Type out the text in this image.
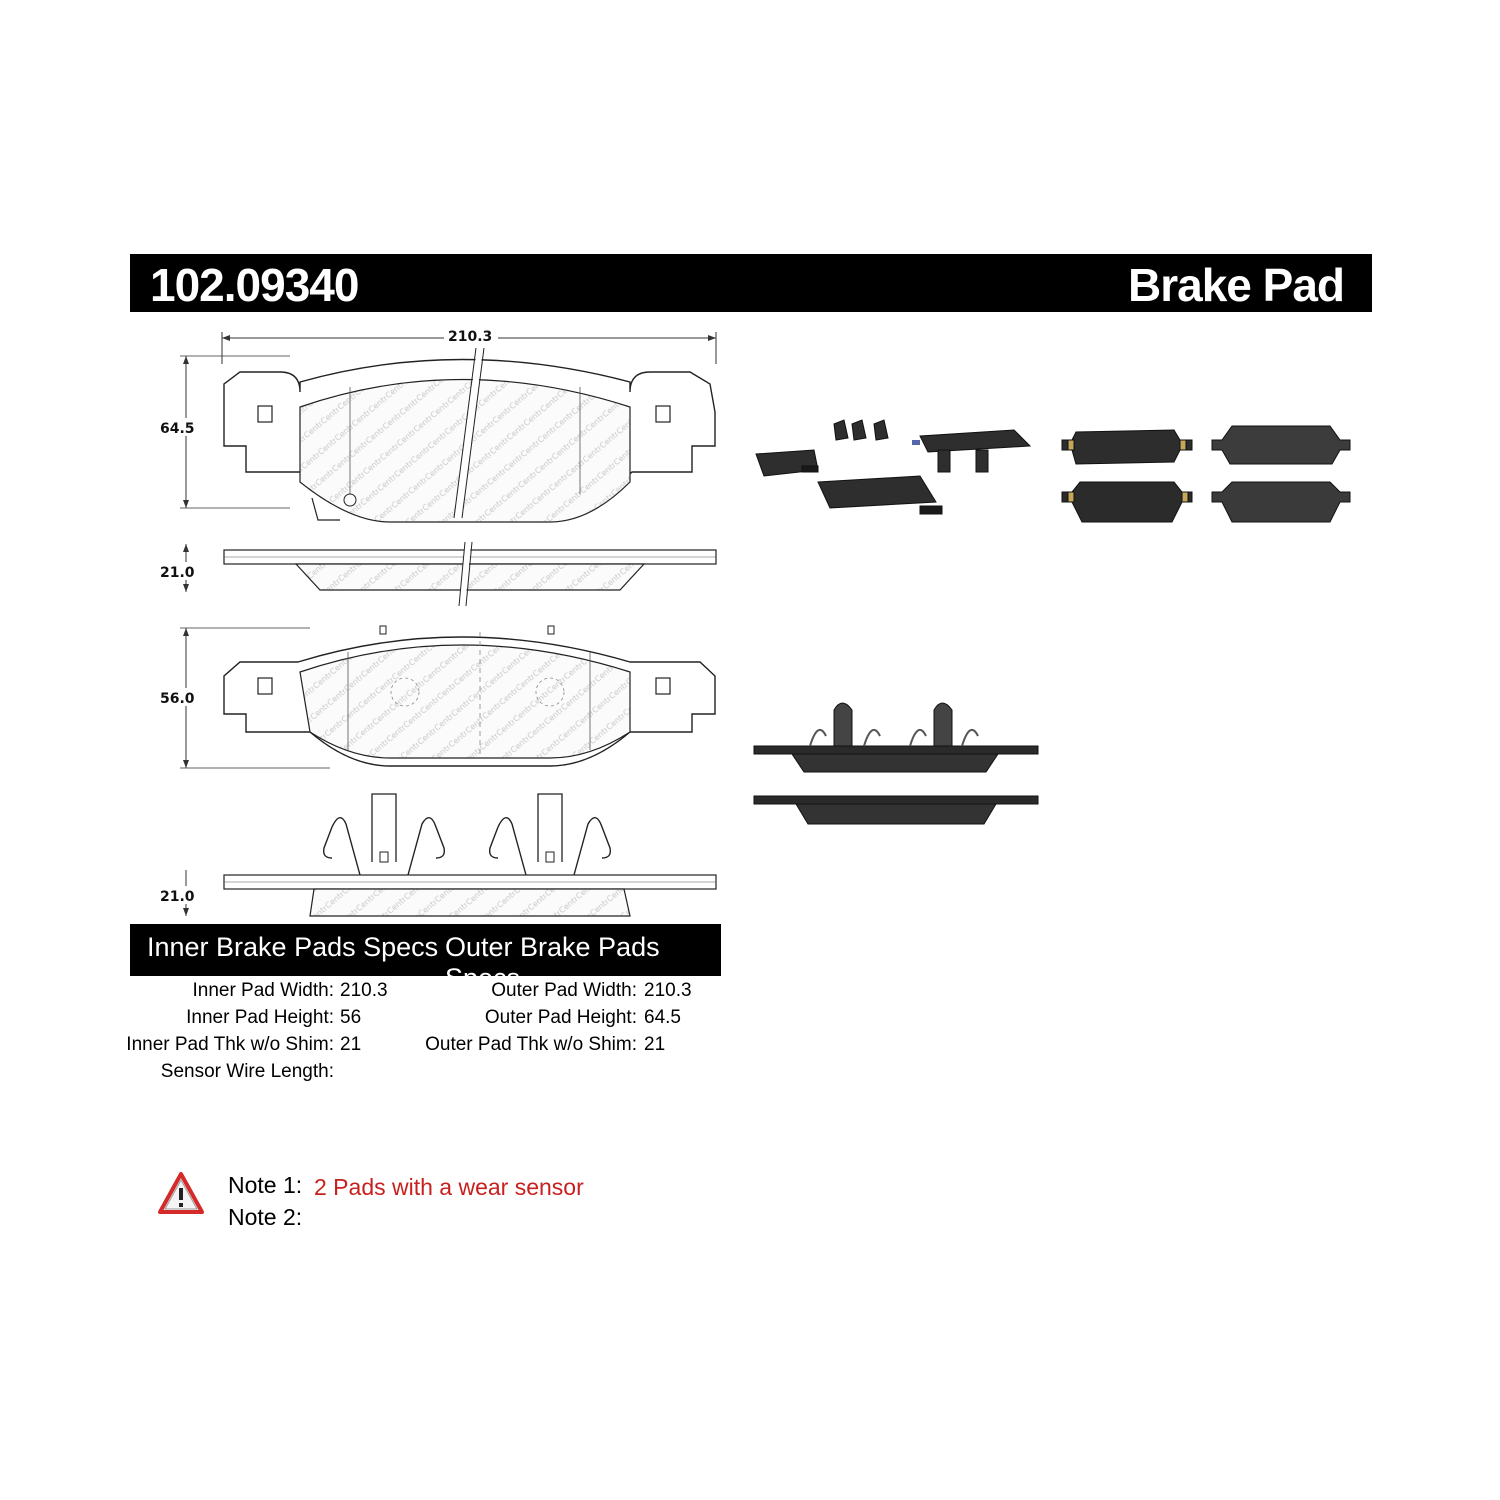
102.09340	Brake Pad
210.3
64.5
21.0
56.0
21.0
Inner Brake Pads Specs Outer Brake Pads Specs
Inner Pad Width: 210.3
Inner Pad Height: 56
Inner Pad Thk w/o Shim: 21
Sensor Wire Length:
Outer Pad Width: 210.3
Outer Pad Height: 64.5
Outer Pad Thk w/o Shim: 21
Note 1: 2 Pads with a wear sensor
Note 2:
